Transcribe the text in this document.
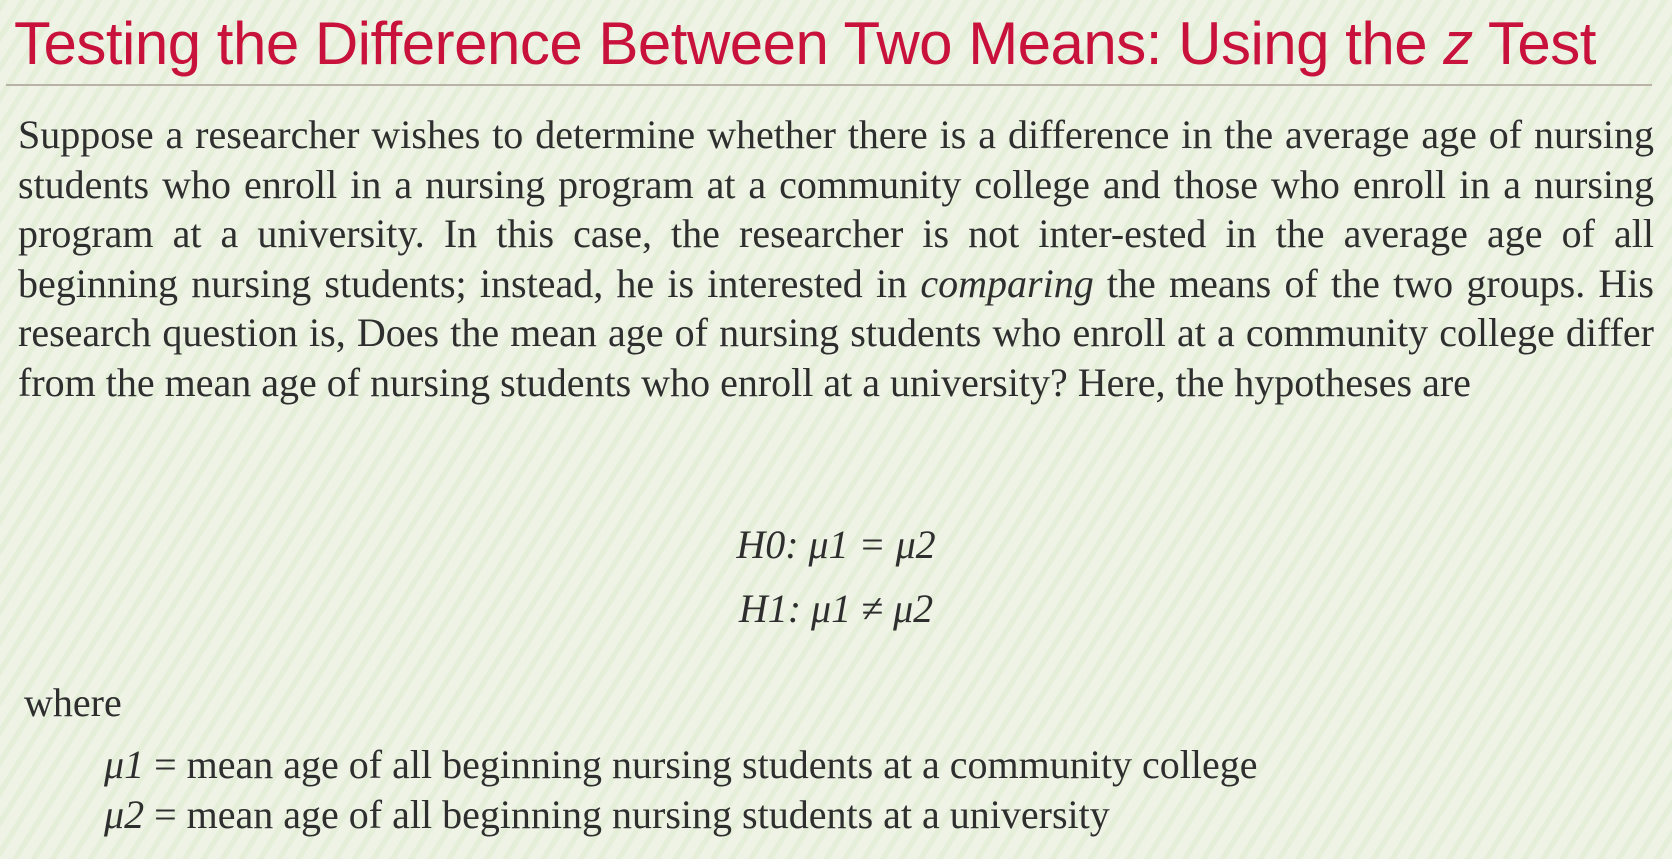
Testing the Difference Between Two Means: Using the z Test

Suppose a researcher wishes to determine whether there is a difference in the average age of nursing students who enroll in a nursing program at a community college and those who enroll in a nursing program at a university. In this case, the researcher is not inter-ested in the average age of all beginning nursing students; instead, he is interested in comparing the means of the two groups. His research question is, Does the mean age of nursing students who enroll at a community college differ from the mean age of nursing students who enroll at a university? Here, the hypotheses are

H0: μ1 = μ2
H1: μ1 ≠ μ2

where

μ1 = mean age of all beginning nursing students at a community college
μ2 = mean age of all beginning nursing students at a university
